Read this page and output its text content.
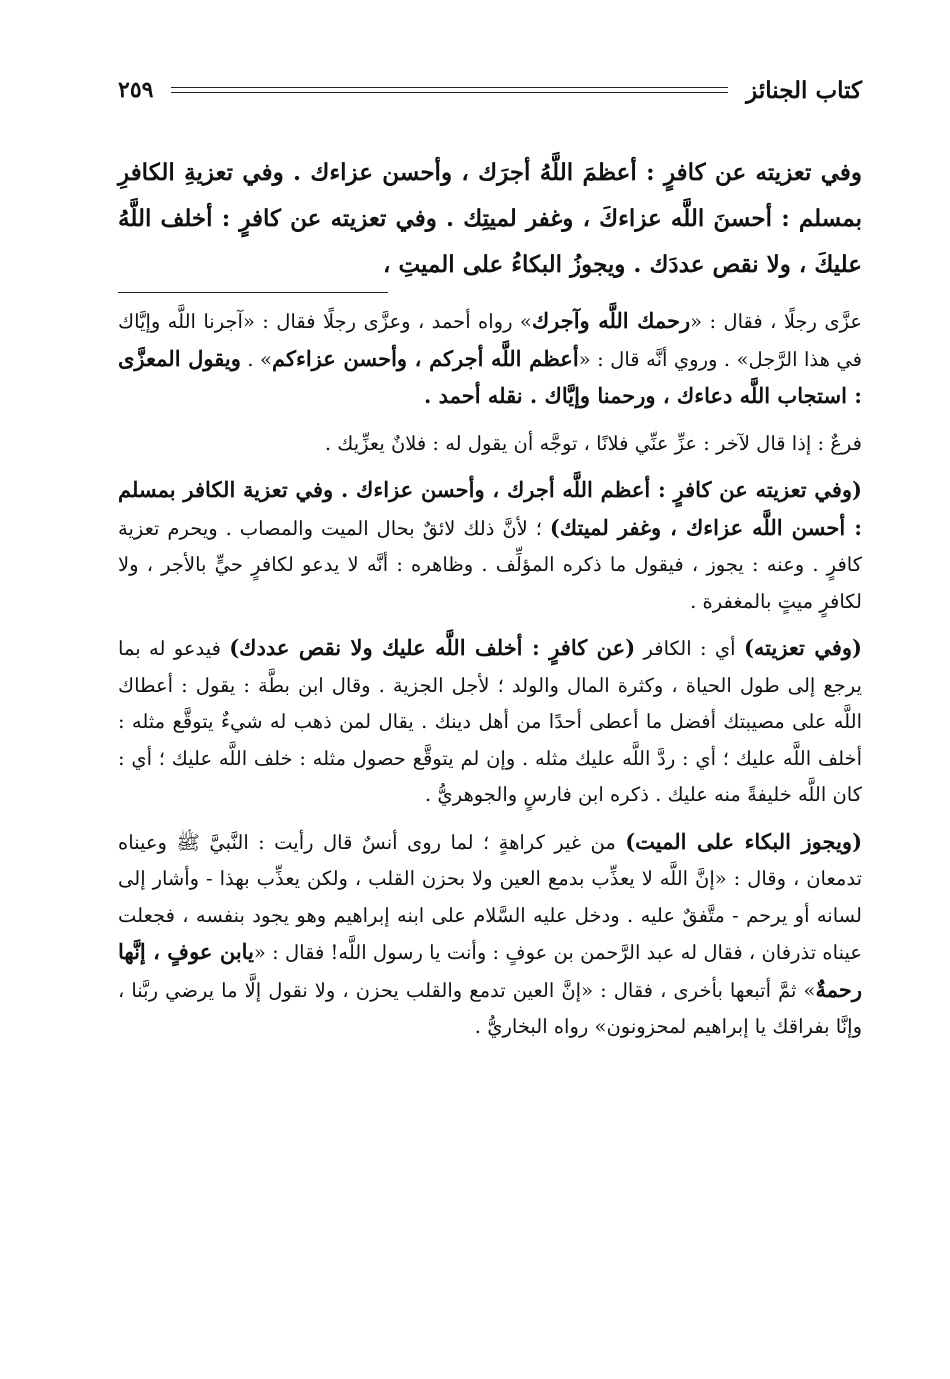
كتاب الجنائز
٢٥٩
وفي تعزيته عن كافرٍ : أعظمَ اللَّهُ أجرَك ، وأحسن عزاءك . وفي تعزيةِ الكافرِ بمسلم : أحسنَ اللَّه عزاءكَ ، وغفر لميتِك . وفي تعزيته عن كافرٍ : أخلف اللَّهُ عليكَ ، ولا نقص عددَك . ويجوزُ البكاءُ على الميتِ ،

عزَّى رجلًا ، فقال : «رحمك اللَّه وآجرك» رواه أحمد ، وعزَّى رجلًا فقال : «آجرنا اللَّه وإيَّاك في هذا الرَّجل» . وروي أنَّه قال : «أعظم اللَّه أجركم ، وأحسن عزاءكم» . ويقول المعزَّى : استجاب اللَّه دعاءك ، ورحمنا وإيَّاك . نقله أحمد .

فرعٌ : إذا قال لآخر : عزِّ عنِّي فلانًا ، توجَّه أن يقول له : فلانٌ يعزِّيك .

(وفي تعزيته عن كافرٍ : أعظم اللَّه أجرك ، وأحسن عزاءك . وفي تعزية الكافر بمسلم : أحسن اللَّه عزاءك ، وغفر لميتك) ؛ لأنَّ ذلك لائقٌ بحال الميت والمصاب . ويحرم تعزية كافرٍ . وعنه : يجوز ، فيقول ما ذكره المؤلِّف . وظاهره : أنَّه لا يدعو لكافرٍ حيٍّ بالأجر ، ولا لكافرٍ ميتٍ بالمغفرة .

(وفي تعزيته) أي : الكافر (عن كافرٍ : أخلف اللَّه عليك ولا نقص عددك) فيدعو له بما يرجع إلى طول الحياة ، وكثرة المال والولد ؛ لأجل الجزية . وقال ابن بطَّة : يقول : أعطاك اللَّه على مصيبتك أفضل ما أعطى أحدًا من أهل دينك . يقال لمن ذهب له شيءٌ يتوقَّع مثله : أخلف اللَّه عليك ؛ أي : ردَّ اللَّه عليك مثله . وإن لم يتوقَّع حصول مثله : خلف اللَّه عليك ؛ أي : كان اللَّه خليفةً منه عليك . ذكره ابن فارسٍ والجوهريُّ .

(ويجوز البكاء على الميت) من غير كراهةٍ ؛ لما روى أنسٌ قال رأيت : النَّبيَّ ﷺ وعيناه تدمعان ، وقال : «إنَّ اللَّه لا يعذِّب بدمع العين ولا بحزن القلب ، ولكن يعذِّب بهذا - وأشار إلى لسانه أو يرحم - متَّفقٌ عليه . ودخل عليه السَّلام على ابنه إبراهيم وهو يجود بنفسه ، فجعلت عيناه تذرفان ، فقال له عبد الرَّحمن بن عوفٍ : وأنت يا رسول اللَّه! فقال : «يابن عوفٍ ، إنَّها رحمةٌ» ثمَّ أتبعها بأخرى ، فقال : «إنَّ العين تدمع والقلب يحزن ، ولا نقول إلَّا ما يرضي ربَّنا ، وإنَّا بفراقك يا إبراهيم لمحزونون» رواه البخاريُّ .
